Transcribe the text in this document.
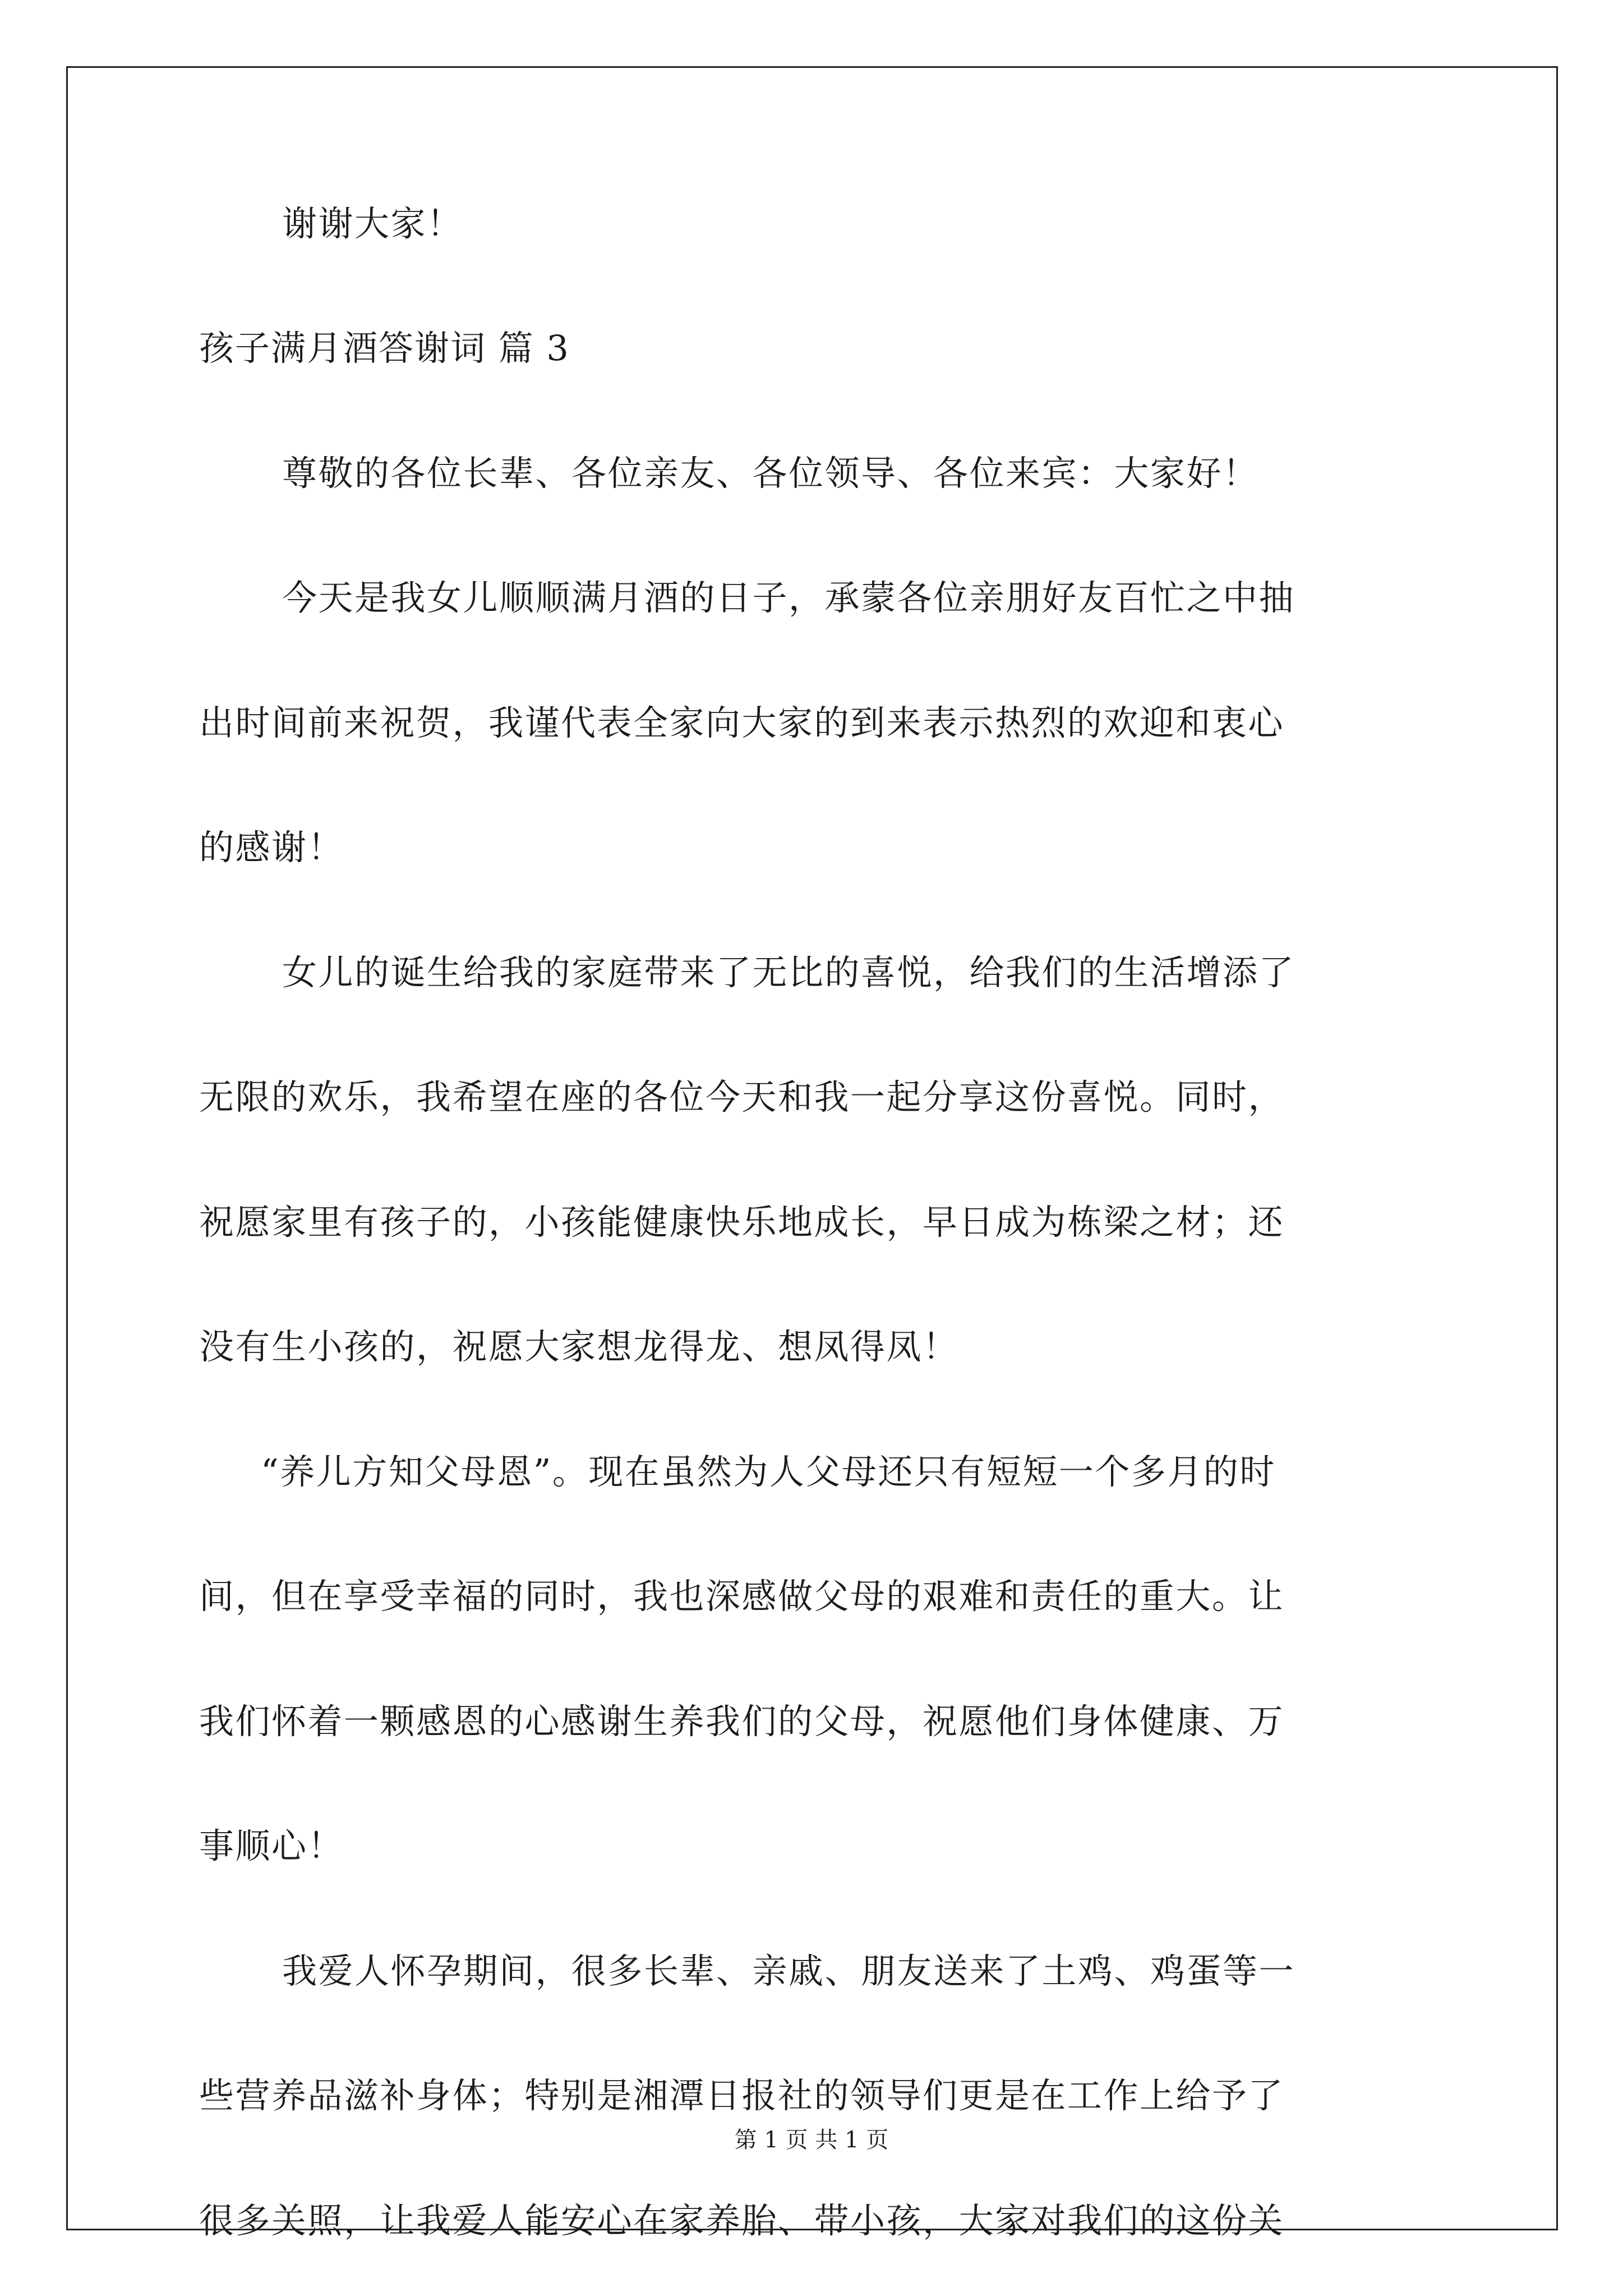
谢谢大家！
孩子满月酒答谢词 篇 3
尊敬的各位长辈、各位亲友、各位领导、各位来宾：大家好！
今天是我女儿顺顺满月酒的日子，承蒙各位亲朋好友百忙之中抽
出时间前来祝贺，我谨代表全家向大家的到来表示热烈的欢迎和衷心
的感谢！
女儿的诞生给我的家庭带来了无比的喜悦，给我们的生活增添了
无限的欢乐，我希望在座的各位今天和我一起分享这份喜悦。同时，
祝愿家里有孩子的，小孩能健康快乐地成长，早日成为栋梁之材；还
没有生小孩的，祝愿大家想龙得龙、想凤得凤！
“养儿方知父母恩”。现在虽然为人父母还只有短短一个多月的时
间，但在享受幸福的同时，我也深感做父母的艰难和责任的重大。让
我们怀着一颗感恩的心感谢生养我们的父母，祝愿他们身体健康、万
事顺心！
我爱人怀孕期间，很多长辈、亲戚、朋友送来了土鸡、鸡蛋等一
些营养品滋补身体；特别是湘潭日报社的领导们更是在工作上给予了
很多关照，让我爱人能安心在家养胎、带小孩，大家对我们的这份关
第 1 页 共 1 页
